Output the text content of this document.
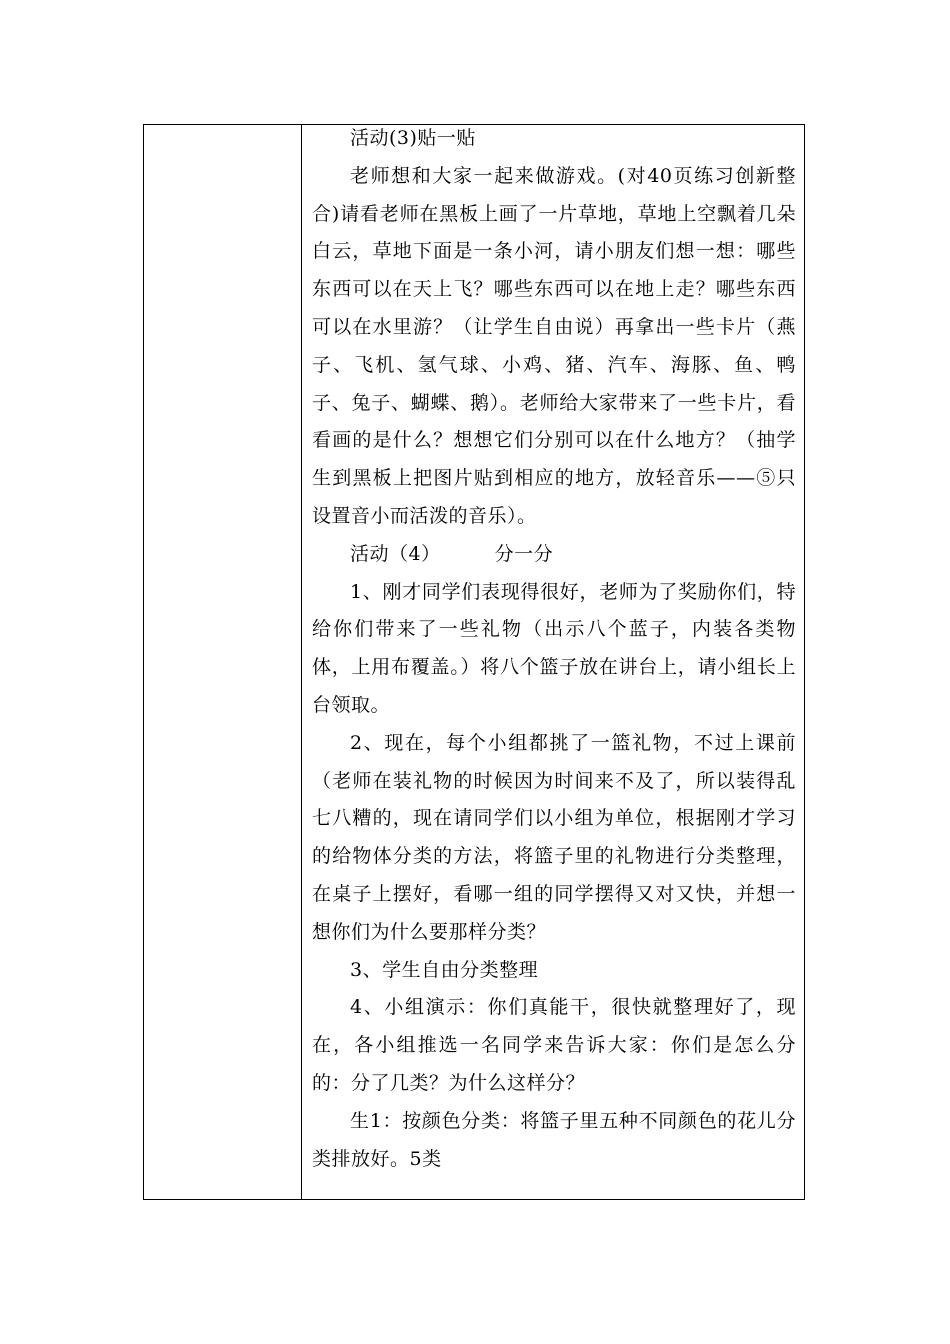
活动(3)贴一贴

老师想和大家一起来做游戏。(对40页练习创新整合)请看老师在黑板上画了一片草地，草地上空飘着几朵白云，草地下面是一条小河，请小朋友们想一想：哪些东西可以在天上飞？哪些东西可以在地上走？哪些东西可以在水里游？（让学生自由说）再拿出一些卡片（燕子、飞机、氢气球、小鸡、猪、汽车、海豚、鱼、鸭子、兔子、蝴蝶、鹅）。老师给大家带来了一些卡片，看看画的是什么？想想它们分别可以在什么地方？（抽学生到黑板上把图片贴到相应的地方，放轻音乐——⑤只设置音小而活泼的音乐）。

活动（4）	分一分

1、刚才同学们表现得很好，老师为了奖励你们，特给你们带来了一些礼物（出示八个蓝子，内装各类物体，上用布覆盖。）将八个篮子放在讲台上，请小组长上台领取。

2、现在，每个小组都挑了一篮礼物，不过上课前（老师在装礼物的时候因为时间来不及了，所以装得乱七八糟的，现在请同学们以小组为单位，根据刚才学习的给物体分类的方法，将篮子里的礼物进行分类整理，在桌子上摆好，看哪一组的同学摆得又对又快，并想一想你们为什么要那样分类？

3、学生自由分类整理

4、小组演示：你们真能干，很快就整理好了，现在，各小组推选一名同学来告诉大家：你们是怎么分的：分了几类？为什么这样分？

生1：按颜色分类：将篮子里五种不同颜色的花儿分类排放好。5类
